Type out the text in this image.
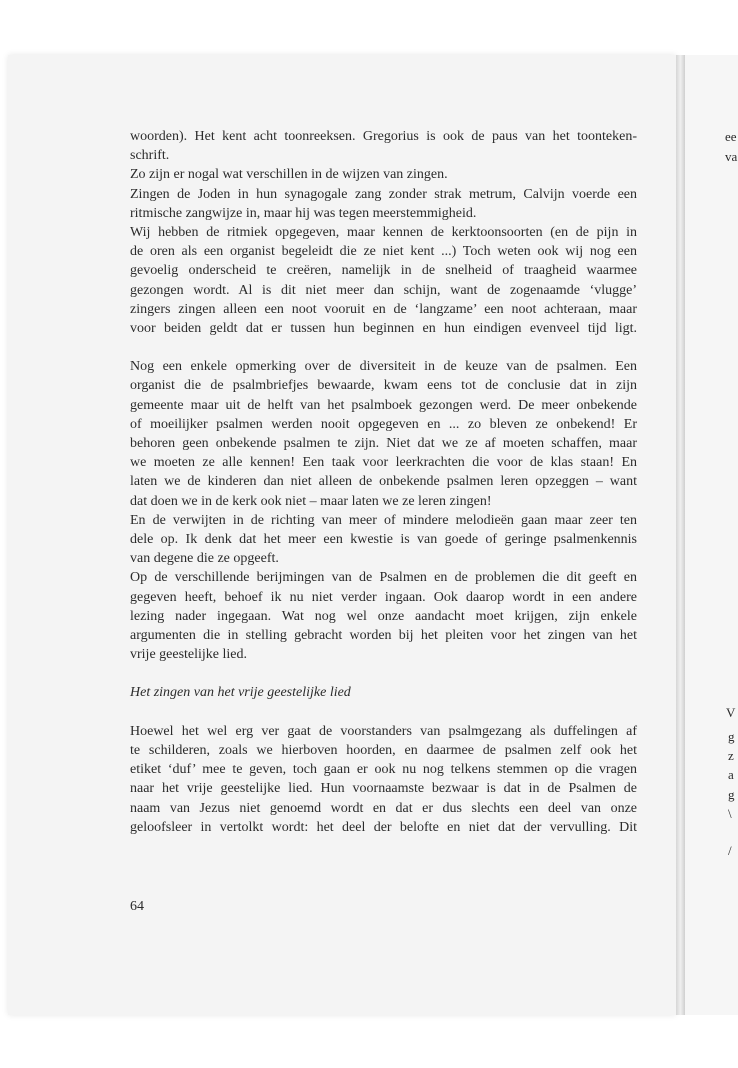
ee
va
V
g
z
a
g
\
/
woorden). Het kent acht toonreeksen. Gregorius is ook de paus van het toonteken-
schrift.
Zo zijn er nogal wat verschillen in de wijzen van zingen.
Zingen de Joden in hun synagogale zang zonder strak metrum, Calvijn voerde een
ritmische zangwijze in, maar hij was tegen meerstemmigheid.
Wij hebben de ritmiek opgegeven, maar kennen de kerktoonsoorten (en de pijn in
de oren als een organist begeleidt die ze niet kent ...) Toch weten ook wij nog een
gevoelig onderscheid te creëren, namelijk in de snelheid of traagheid waarmee
gezongen wordt. Al is dit niet meer dan schijn, want de zogenaamde ‘vlugge’
zingers zingen alleen een noot vooruit en de ‘langzame’ een noot achteraan, maar
voor beiden geldt dat er tussen hun beginnen en hun eindigen evenveel tijd ligt.
Nog een enkele opmerking over de diversiteit in de keuze van de psalmen. Een
organist die de psalmbriefjes bewaarde, kwam eens tot de conclusie dat in zijn
gemeente maar uit de helft van het psalmboek gezongen werd. De meer onbekende
of moeilijker psalmen werden nooit opgegeven en ... zo bleven ze onbekend! Er
behoren geen onbekende psalmen te zijn. Niet dat we ze af moeten schaffen, maar
we moeten ze alle kennen! Een taak voor leerkrachten die voor de klas staan! En
laten we de kinderen dan niet alleen de onbekende psalmen leren opzeggen – want
dat doen we in de kerk ook niet – maar laten we ze leren zingen!
En de verwijten in de richting van meer of mindere melodieën gaan maar zeer ten
dele op. Ik denk dat het meer een kwestie is van goede of geringe psalmenkennis
van degene die ze opgeeft.
Op de verschillende berijmingen van de Psalmen en de problemen die dit geeft en
gegeven heeft, behoef ik nu niet verder ingaan. Ook daarop wordt in een andere
lezing nader ingegaan. Wat nog wel onze aandacht moet krijgen, zijn enkele
argumenten die in stelling gebracht worden bij het pleiten voor het zingen van het
vrije geestelijke lied.
Het zingen van het vrije geestelijke lied
Hoewel het wel erg ver gaat de voorstanders van psalmgezang als duffelingen af
te schilderen, zoals we hierboven hoorden, en daarmee de psalmen zelf ook het
etiket ‘duf’ mee te geven, toch gaan er ook nu nog telkens stemmen op die vragen
naar het vrije geestelijke lied. Hun voornaamste bezwaar is dat in de Psalmen de
naam van Jezus niet genoemd wordt en dat er dus slechts een deel van onze
geloofsleer in vertolkt wordt: het deel der belofte en niet dat der vervulling. Dit
64
